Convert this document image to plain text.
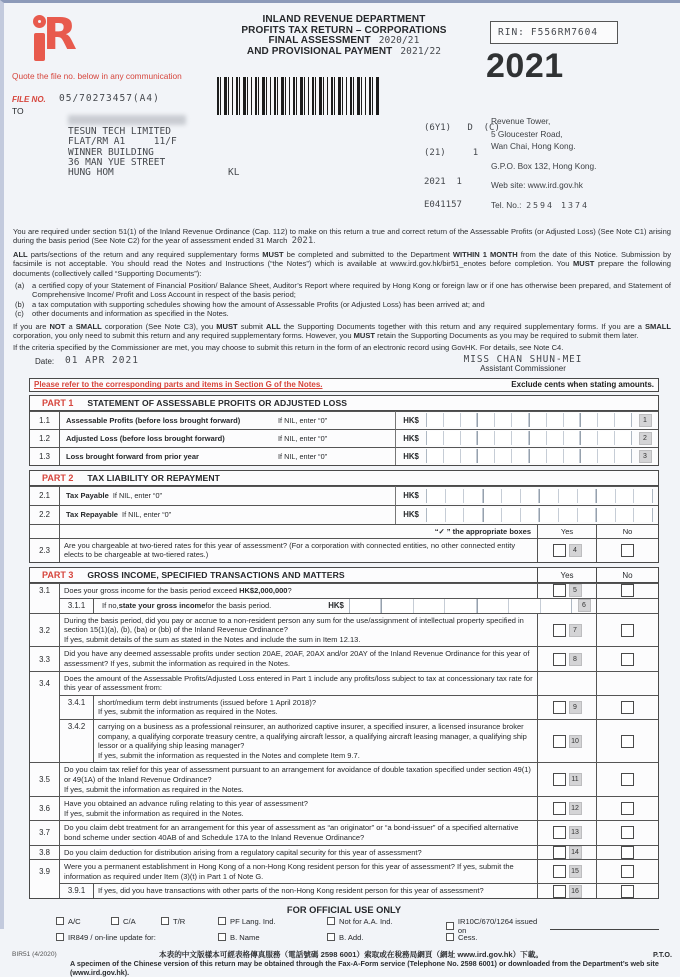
R	INLAND REVENUE DEPARTMENT
PROFITS TAX RETURN – CORPORATIONS
FINAL ASSESSMENT 2020/21
AND PROVISIONAL PAYMENT 2021/22
RIN: F556RM7604
2021
Quote the file no. below in any communication
FILE NO. 05/70273457(A4)
TO
TESUN TECH LIMITED
FLAT/RM A1     11/F
WINNER BUILDING
36 MAN YUE STREET
HUNG HOM	KL
(6Y1)   D  (C)
(21)     1
2021  1
E041157
Revenue Tower,
5 Gloucester Road,
Wan Chai, Hong Kong.
G.P.O. Box 132, Hong Kong.
Web site: www.ird.gov.hk
Tel. No.: 2594 1374

You are required under section 51(1) of the Inland Revenue Ordinance (Cap. 112) to make on this return a true and correct return of the Assessable Profits (or Adjusted Loss) (See Note C1) arising during the basis period (See Note C2) for the year of assessment ended 31 March 2021.

ALL parts/sections of the return and any required supplementary forms MUST be completed and submitted to the Department WITHIN 1 MONTH from the date of this Notice. Submission by facsimile is not acceptable. You should read the Notes and Instructions (“the Notes”) which is available at www.ird.gov.hk/bir51_enotes before completion. You MUST prepare the following documents (collectively called “Supporting Documents”):

(a)	a certified copy of your Statement of Financial Position/ Balance Sheet, Auditor’s Report where required by Hong Kong or foreign law or if one has otherwise been prepared, and Statement of Comprehensive Income/ Profit and Loss Account in respect of the basis period;
(b)	a tax computation with supporting schedules showing how the amount of Assessable Profits (or Adjusted Loss) has been arrived at; and
(c)	other documents and information as specified in the Notes.

If you are NOT a SMALL corporation (See Note C3), you MUST submit ALL the Supporting Documents together with this return and any required supplementary forms. If you are a SMALL corporation, you only need to submit this return and any required supplementary forms. However, you MUST retain the Supporting Documents as you may be required to submit them later.

If the criteria specified by the Commissioner are met, you may choose to submit this return in the form of an electronic record using GovHK. For details, see Note C4.

Date: 01 APR 2021	MISS CHAN SHUN-MEI
Assistant Commissioner
Please refer to the corresponding parts and items in Section G of the Notes.	Exclude cents when stating amounts.
PART 1 STATEMENT OF ASSESSABLE PROFITS OR ADJUSTED LOSS
1.1	Assessable Profits (before loss brought forward)	If NIL, enter “0”	HK$	1
1.2	Adjusted Loss (before loss brought forward)	If NIL, enter “0”	HK$	2
1.3	Loss brought forward from prior year	If NIL, enter “0”	HK$	3
PART 2 TAX LIABILITY OR REPAYMENT
2.1	Tax Payable If NIL, enter “0”	HK$
2.2	Tax Repayable If NIL, enter “0”	HK$
“✓ ” the appropriate boxes	Yes	No
2.3
Are you chargeable at two-tiered rates for this year of assessment? (For a corporation with connected entities, no other connected entity elects to be chargeable at two-tiered rates.)	4
PART 3 GROSS INCOME, SPECIFIED TRANSACTIONS AND MATTERS	Yes	No
3.1	Does your gross income for the basis period exceed HK$2,000,000?	5
3.1.1	If no, state your gross income for the basis period.	HK$	6
3.2
During the basis period, did you pay or accrue to a non-resident person any sum for the use/assignment of intellectual property specified in section 15(1)(a), (b), (ba) or (bb) of the Inland Revenue Ordinance?
If yes, submit details of the sum as stated in the Notes and include the sum in Item 12.13.
7
3.3
Did you have any deemed assessable profits under section 20AE, 20AF, 20AX and/or 20AY of the Inland Revenue Ordinance for this year of assessment? If yes, submit the information as required in the Notes.	8
3.4
Does the amount of the Assessable Profits/Adjusted Loss entered in Part 1 include any profits/loss subject to tax at concessionary tax rate for this year of assessment from:
3.4.1	short/medium term debt instruments (issued before 1 April 2018)?
If yes, submit the information as required in the Notes.	9
3.4.2	carrying on a business as a professional reinsurer, an authorized captive insurer, a specified insurer, a licensed insurance broker company, a qualifying corporate treasury centre, a qualifying aircraft lessor, a qualifying aircraft leasing manager, a qualifying ship lessor or a qualifying ship leasing manager?
If yes, submit the information as requested in the Notes and complete Item 9.7.
10
3.5
Do you claim tax relief for this year of assessment pursuant to an arrangement for avoidance of double taxation specified under section 49(1) or 49(1A) of the Inland Revenue Ordinance?
If yes, submit the information as required in the Notes.
11
3.6
Have you obtained an advance ruling relating to this year of assessment?
If yes, submit the information as required in the Notes.	12
3.7
Do you claim debt treatment for an arrangement for this year of assessment as “an originator” or “a bond-issuer” of a specified alternative bond scheme under section 40AB of and Schedule 17A to the Inland Revenue Ordinance?	13
3.8	Do you claim deduction for distribution arising from a regulatory capital security for this year of assessment?	14
3.9
Were you a permanent establishment in Hong Kong of a non-Hong Kong resident person for this year of assessment? If yes, submit the information as required under Item (3)(t) in Part 1 of Note G.	15
3.9.1	If yes, did you have transactions with other parts of the non-Hong Kong resident person for this year of assessment?	16
FOR OFFICIAL USE ONLY
A/C	C/A	T/R	PF Lang. Ind.	Not for A.A. Ind.	IR10C/670/1264 issued on
IR849 / on-line update for:	B. Name	B. Add.	Cess.
BIR51 (4/2020)	本表的中文版樣本可經表格傳真服務（電話號碼 2598 6001）索取或在稅務局網頁（網址 www.ird.gov.hk）下載。	P.T.O.
A specimen of the Chinese version of this return may be obtained through the Fax-A-Form service (Telephone No. 2598 6001) or downloaded from the Department’s web site (www.ird.gov.hk).
